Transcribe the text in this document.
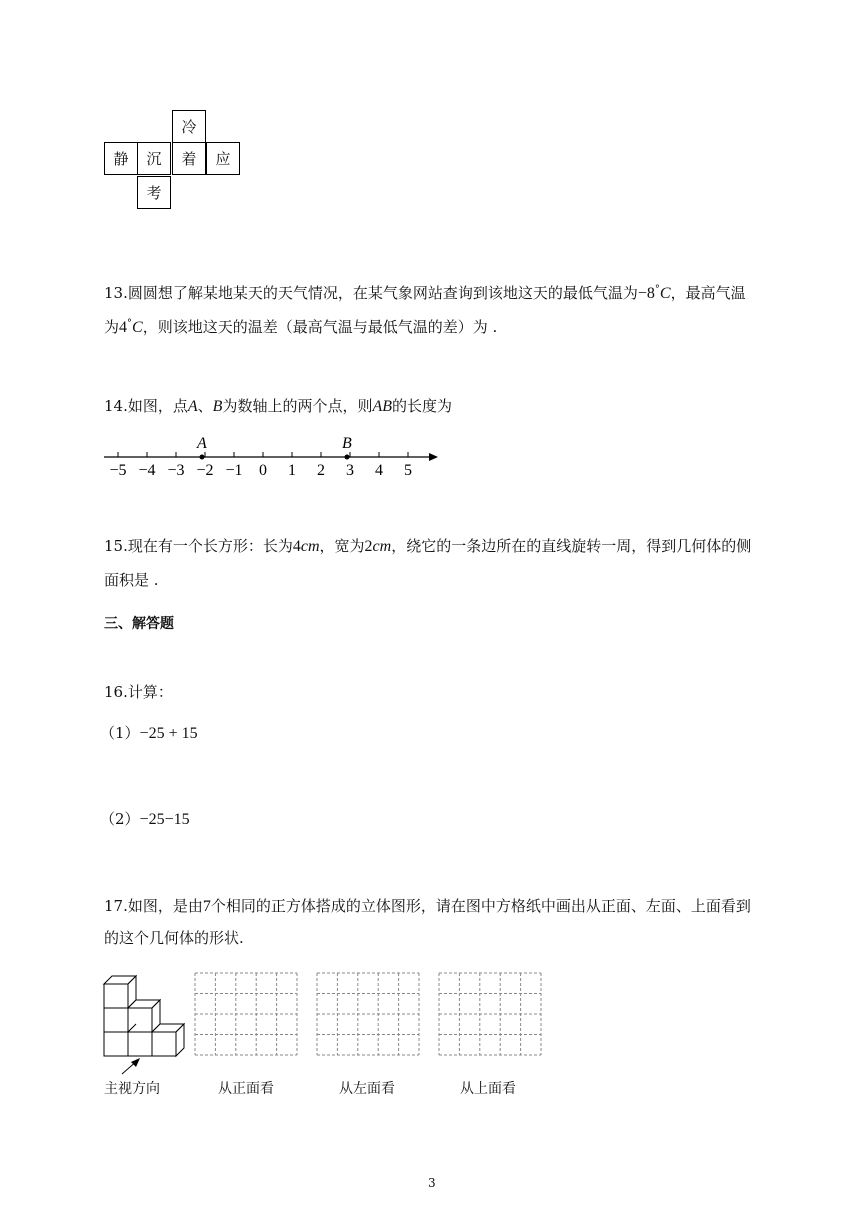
冷
静	沉	着	应
考
13.圆圆想了解某地某天的天气情况，在某气象网站查询到该地这天的最低气温为−8°C，最高气温
为4°C，则该地这天的温差（最高气温与最低气温的差）为 .
14.如图，点A、B为数轴上的两个点，则AB的长度为
−5 −4 −3 −2 −1 0 1 2 3 4 5
A	B
15.现在有一个长方形：长为4cm，宽为2cm，绕它的一条边所在的直线旋转一周，得到几何体的侧
面积是 .
三、解答题
16.计算：
（1）−25 + 15
（2）−25−15
17.如图，是由7个相同的正方体搭成的立体图形，请在图中方格纸中画出从正面、左面、上面看到
的这个几何体的形状.
主视方向	从正面看	从左面看	从上面看
3
